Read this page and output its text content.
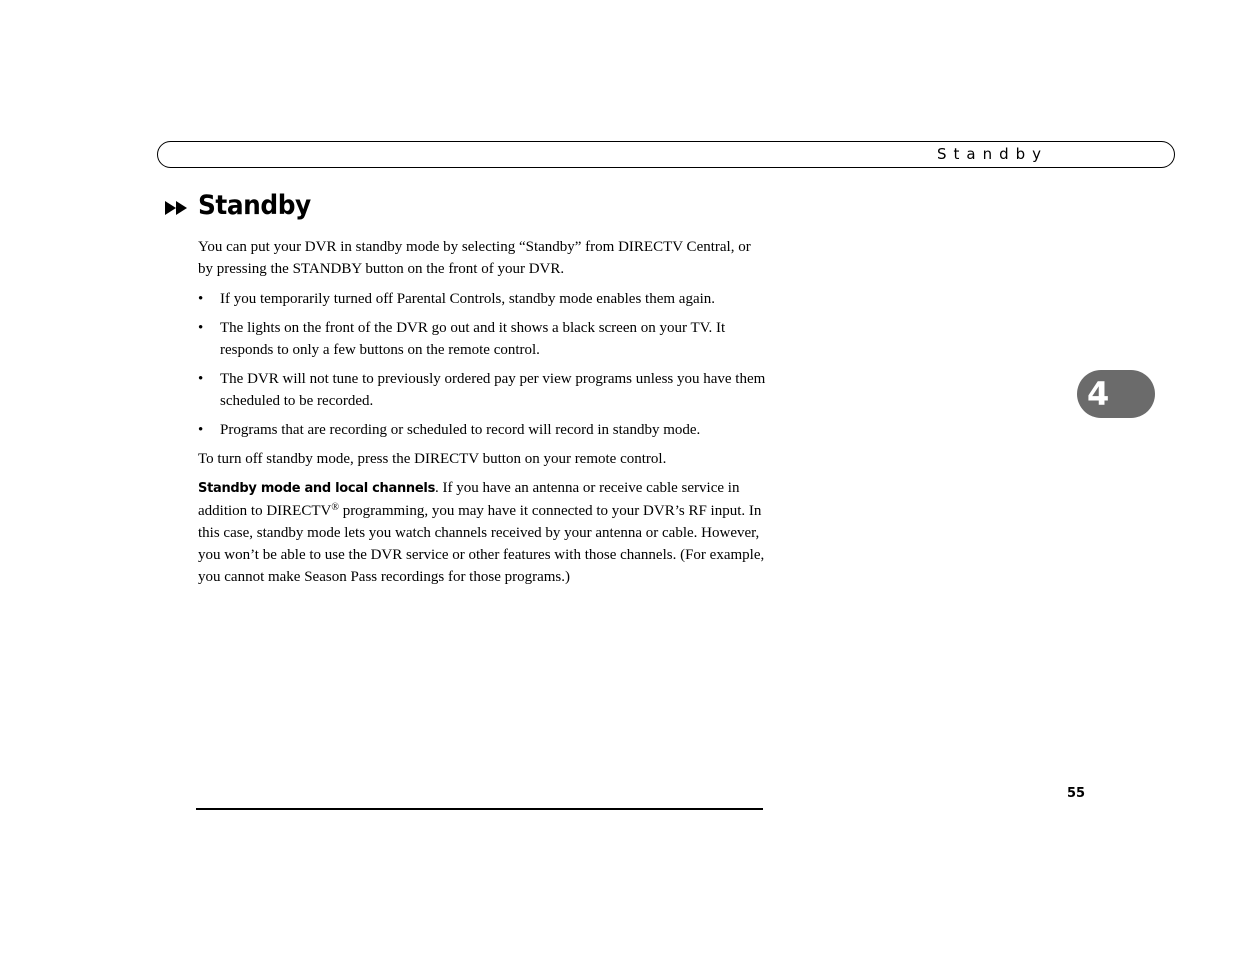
Standby
Standby

You can put your DVR in standby mode by selecting “Standby” from DIRECTV Central, or by pressing the STANDBY button on the front of your DVR.

• If you temporarily turned off Parental Controls, standby mode enables them again.
• The lights on the front of the DVR go out and it shows a black screen on your TV. It responds to only a few buttons on the remote control.
• The DVR will not tune to previously ordered pay per view programs unless you have them scheduled to be recorded.
• Programs that are recording or scheduled to record will record in standby mode.

To turn off standby mode, press the DIRECTV button on your remote control.

Standby mode and local channels. If you have an antenna or receive cable service in addition to DIRECTV® programming, you may have it connected to your DVR’s RF input. In this case, standby mode lets you watch channels received by your antenna or cable. However, you won’t be able to use the DVR service or other features with those channels. (For example, you cannot make Season Pass recordings for those programs.)

4
55
